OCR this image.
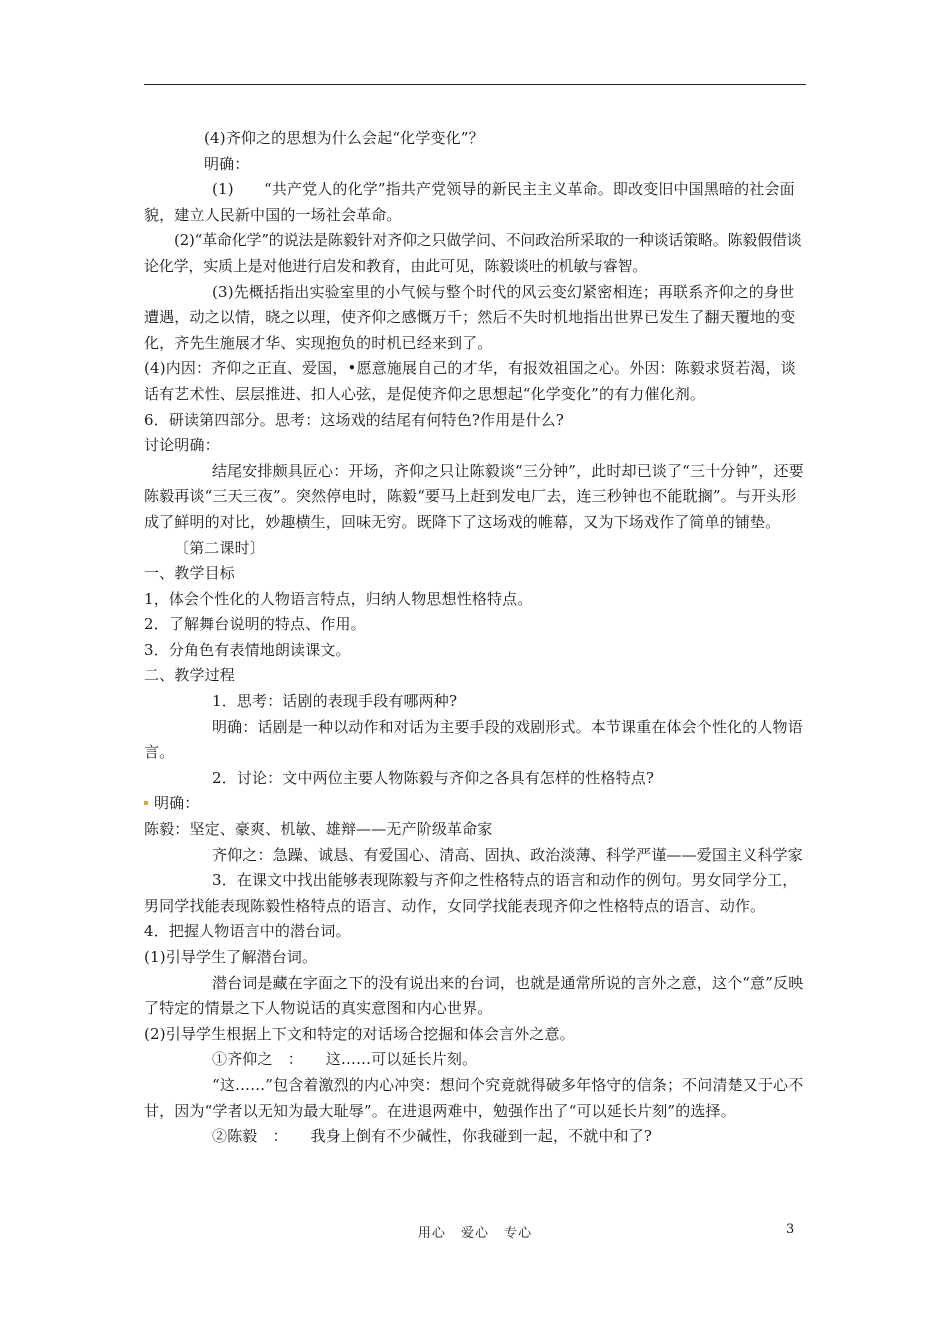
(4)齐仰之的思想为什么会起“化学变化”？

明确：

(1)　　“共产党人的化学”指共产党领导的新民主主义革命。即改变旧中国黑暗的社会面貌，建立人民新中国的一场社会革命。

(2)“革命化学”的说法是陈毅针对齐仰之只做学问、不问政治所采取的一种谈话策略。陈毅假借谈论化学，实质上是对他进行启发和教育，由此可见，陈毅谈吐的机敏与睿智。

(3)先概括指出实验室里的小气候与整个时代的风云变幻紧密相连；再联系齐仰之的身世遭遇，动之以情，晓之以理，使齐仰之感慨万千；然后不失时机地指出世界已发生了翻天覆地的变化，齐先生施展才华、实现抱负的时机已经来到了。

(4)内因：齐仰之正直、爱国，•愿意施展自己的才华，有报效祖国之心。外因：陈毅求贤若渴，谈话有艺术性、层层推进、扣人心弦，是促使齐仰之思想起“化学变化”的有力催化剂。

6．研读第四部分。思考：这场戏的结尾有何特色?作用是什么?

讨论明确：

结尾安排颇具匠心：开场，齐仰之只让陈毅谈“三分钟”，此时却已谈了“三十分钟”，还要陈毅再谈“三天三夜”。突然停电时，陈毅“要马上赶到发电厂去，连三秒钟也不能耽搁”。与开头形成了鲜明的对比，妙趣横生，回味无穷。既降下了这场戏的帷幕，又为下场戏作了简单的铺垫。

〔第二课时〕

一、教学目标

1，体会个性化的人物语言特点，归纳人物思想性格特点。

2．了解舞台说明的特点、作用。

3．分角色有表情地朗读课文。

二、教学过程

1．思考：话剧的表现手段有哪两种?

明确：话剧是一种以动作和对话为主要手段的戏剧形式。本节课重在体会个性化的人物语言。

2．讨论：文中两位主要人物陈毅与齐仰之各具有怎样的性格特点?

明确：

陈毅：坚定、豪爽、机敏、雄辩——无产阶级革命家

齐仰之：急躁、诚恳、有爱国心、清高、固执、政治淡薄、科学严谨——爱国主义科学家

3．在课文中找出能够表现陈毅与齐仰之性格特点的语言和动作的例句。男女同学分工，男同学找能表现陈毅性格特点的语言、动作，女同学找能表现齐仰之性格特点的语言、动作。

4．把握人物语言中的潜台词。

(1)引导学生了解潜台词。

潜台词是藏在字面之下的没有说出来的台词，也就是通常所说的言外之意，这个“意”反映了特定的情景之下人物说话的真实意图和内心世界。

(2)引导学生根据上下文和特定的对话场合挖掘和体会言外之意。

①齐仰之　：　　这……可以延长片刻。

“这……”包含着激烈的内心冲突：想问个究竟就得破多年恪守的信条；不问清楚又于心不甘，因为“学者以无知为最大耻辱”。在进退两难中，勉强作出了“可以延长片刻”的选择。

②陈毅　：　　我身上倒有不少碱性，你我碰到一起，不就中和了?

用心 爱心 专心	3
